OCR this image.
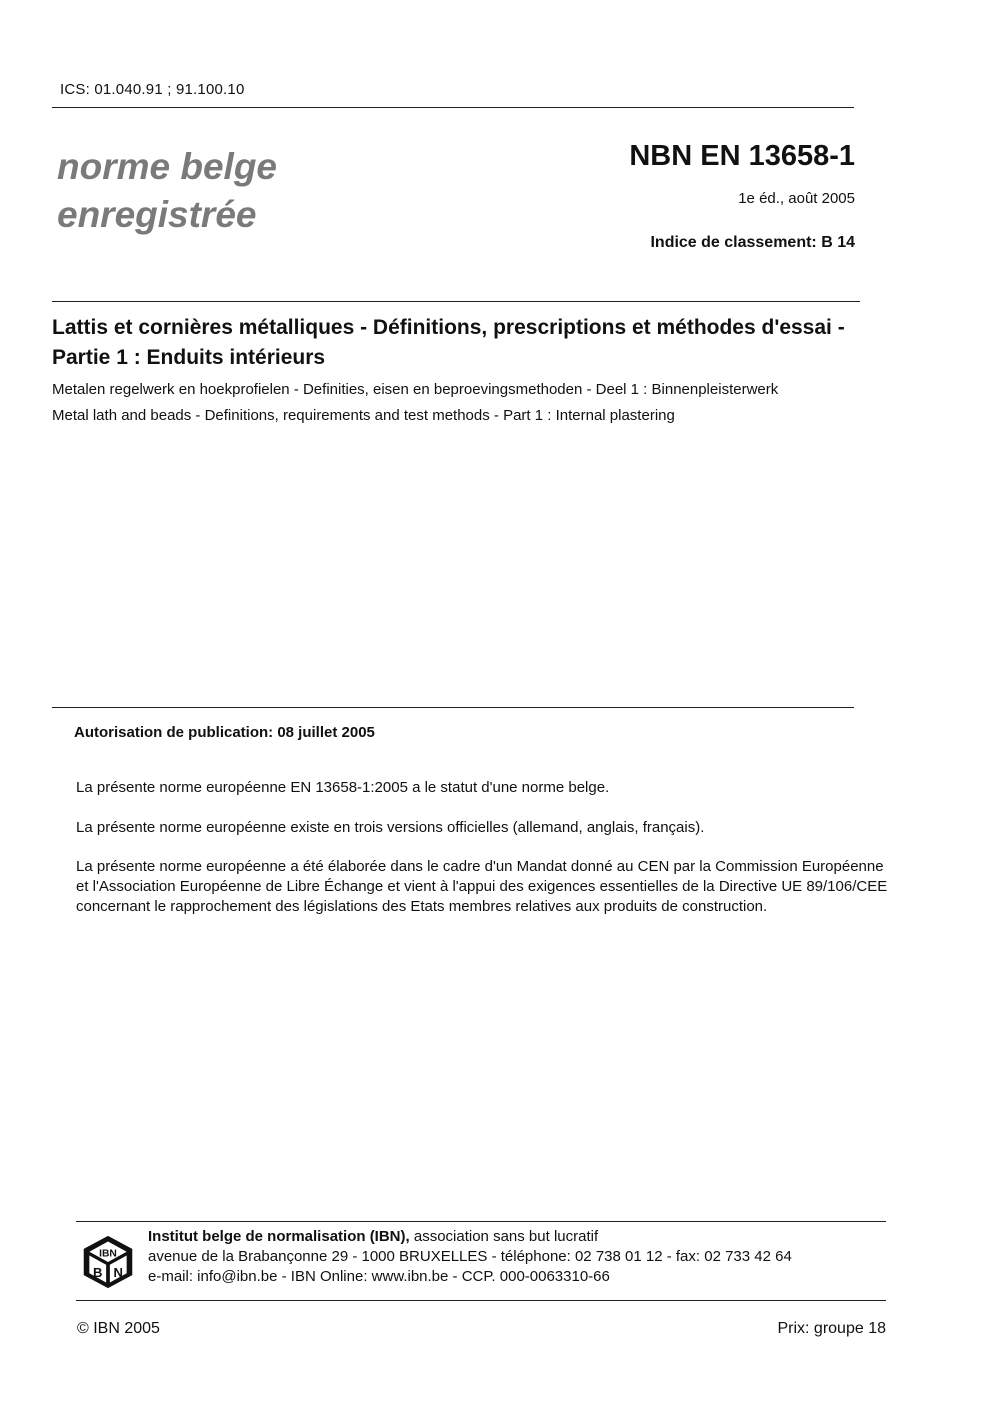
ICS: 01.040.91 ; 91.100.10
norme belge
enregistrée
NBN EN 13658-1
1e éd., août 2005
Indice de classement: B 14
Lattis et cornières métalliques - Définitions, prescriptions et méthodes d'essai - Partie 1 : Enduits intérieurs
Metalen regelwerk en hoekprofielen - Definities, eisen en beproevingsmethoden - Deel 1 : Binnenpleisterwerk
Metal lath and beads - Definitions, requirements and test methods - Part 1 : Internal plastering
Autorisation de publication: 08 juillet 2005
La présente norme européenne EN 13658-1:2005 a le statut d'une norme belge.
La présente norme européenne existe en trois versions officielles (allemand, anglais, français).
La présente norme européenne a été élaborée dans le cadre d'un Mandat donné au CEN par la Commission Européenne et l'Association Européenne de Libre Échange et vient à l'appui des exigences essentielles de la Directive UE 89/106/CEE concernant le rapprochement des législations des Etats membres relatives aux produits de construction.
IBN
B N
Institut belge de normalisation (IBN), association sans but lucratif
avenue de la Brabançonne 29 - 1000 BRUXELLES - téléphone: 02 738 01 12 - fax: 02 733 42 64
e-mail: info@ibn.be - IBN Online: www.ibn.be - CCP. 000-0063310-66
© IBN 2005	Prix: groupe 18
